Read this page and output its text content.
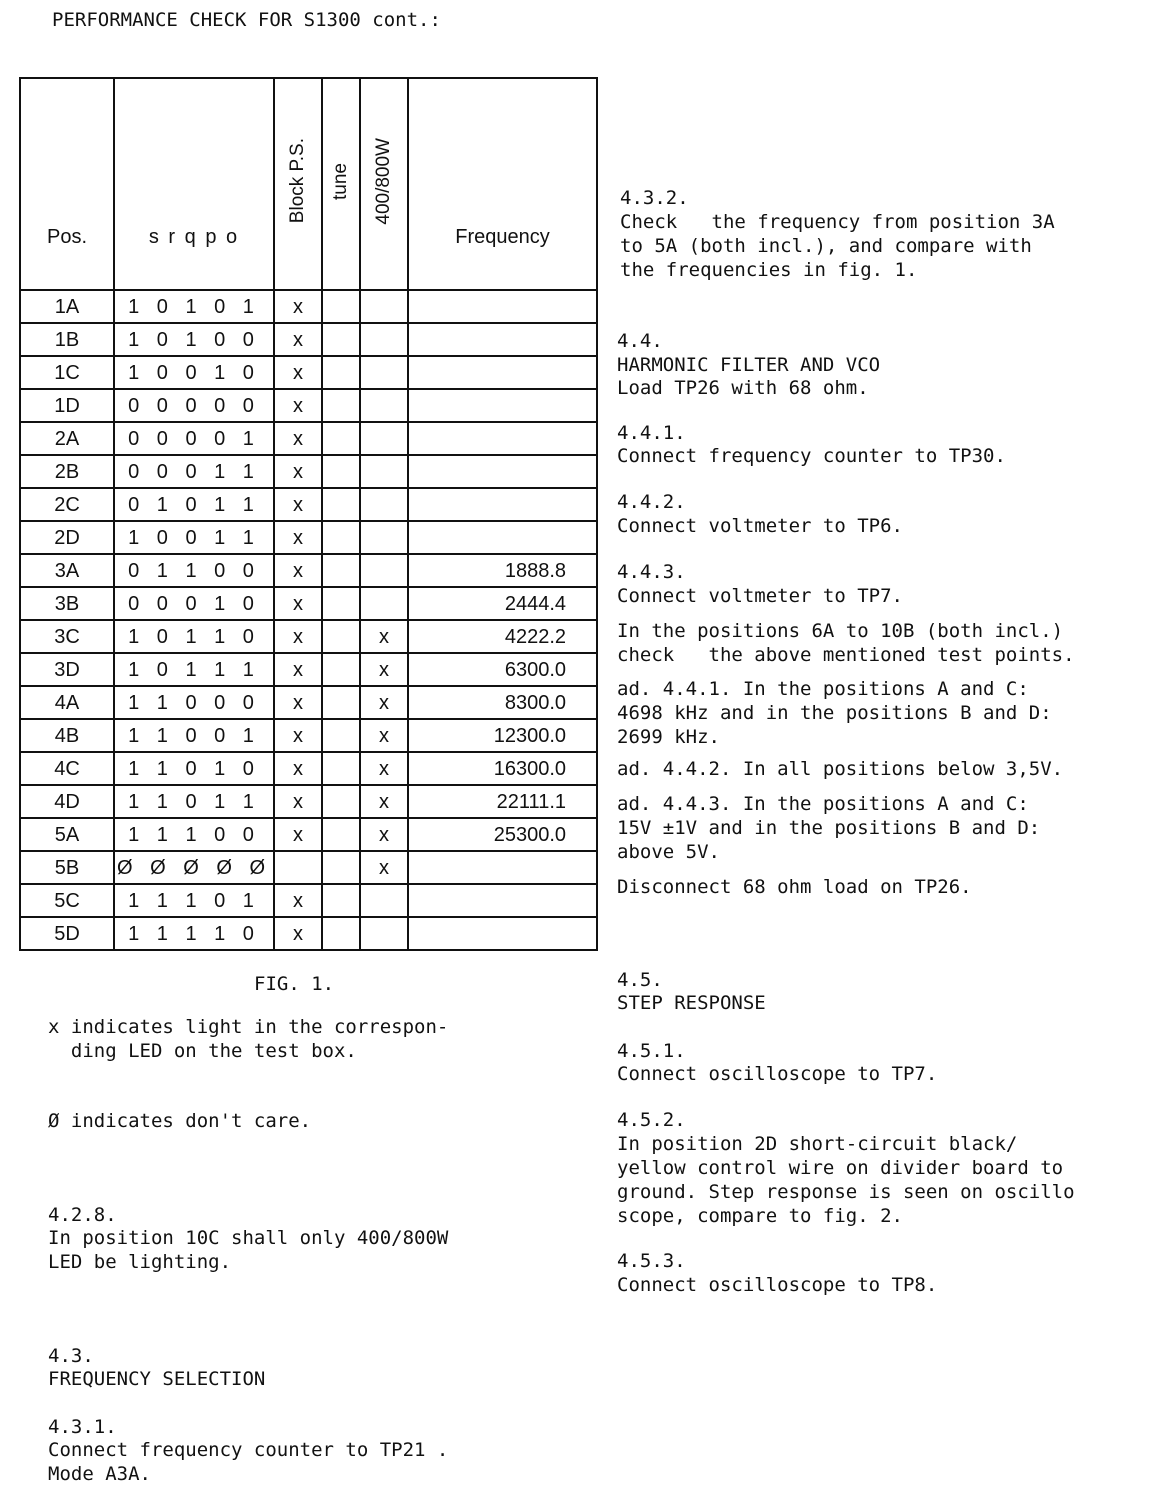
PERFORMANCE CHECK FOR S1300 cont.:
Pos.	s r q p o	Block P.S.	tune	400/800W	Frequency
1A	1 0 1 0 1	x			
1B	1 0 1 0 0	x			
1C	1 0 0 1 0	x			
1D	0 0 0 0 0	x			
2A	0 0 0 0 1	x			
2B	0 0 0 1 1	x			
2C	0 1 0 1 1	x			
2D	1 0 0 1 1	x			
3A	0 1 1 0 0	x			1888.8
3B	0 0 0 1 0	x			2444.4
3C	1 0 1 1 0	x		x	4222.2
3D	1 0 1 1 1	x		x	6300.0
4A	1 1 0 0 0	x		x	8300.0
4B	1 1 0 0 1	x		x	12300.0
4C	1 1 0 1 0	x		x	16300.0
4D	1 1 0 1 1	x		x	22111.1
5A	1 1 1 0 0	x		x	25300.0
5B	Ø Ø Ø Ø Ø			x	
5C	1 1 1 0 1	x			
5D	1 1 1 1 0	x			
FIG. 1.
x indicates light in the correspon-
ding LED on the test box.
Ø indicates don't care.
4.2.8.
In position 10C shall only 400/800W
LED be lighting.
4.3.
FREQUENCY SELECTION
4.3.1.
Connect frequency counter to TP21 .
Mode A3A.
4.3.2.
Check   the frequency from position 3A
to 5A (both incl.), and compare with
the frequencies in fig. 1.
4.4.
HARMONIC FILTER AND VCO
Load TP26 with 68 ohm.
4.4.1.
Connect frequency counter to TP30.
4.4.2.
Connect voltmeter to TP6.
4.4.3.
Connect voltmeter to TP7.
In the positions 6A to 10B (both incl.)
check   the above mentioned test points.
ad. 4.4.1. In the positions A and C:
4698 kHz and in the positions B and D:
2699 kHz.
ad. 4.4.2. In all positions below 3,5V.
ad. 4.4.3. In the positions A and C:
15V ±1V and in the positions B and D:
above 5V.
Disconnect 68 ohm load on TP26.
4.5.
STEP RESPONSE
4.5.1.
Connect oscilloscope to TP7.
4.5.2.
In position 2D short-circuit black/
yellow control wire on divider board to
ground. Step response is seen on oscillo
scope, compare to fig. 2.
4.5.3.
Connect oscilloscope to TP8.
